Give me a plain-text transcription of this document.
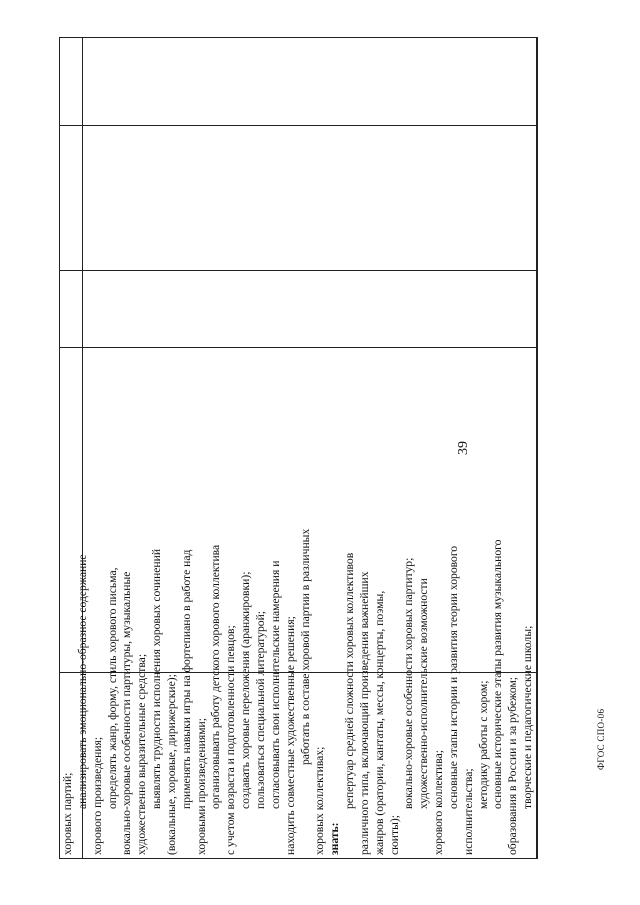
39
ФГОС СПО-06
хоровых партий;
анализировать эмоционально-образное содержание хорового произведения; определять жанр, форму, стиль хорового письма, вокально-хоровые особенности партитуры, музыкальные художественно выразительные средства; выявлять трудности исполнения хоровых сочинений (вокальные, хоровые, дирижерские); применять навыки игры на фортепиано в работе над хоровыми произведениями; организовывать работу детского хорового коллектива с учетом возраста и подготовленности певцов; создавать хоровые переложения (аранжировки); пользоваться специальной литературой; согласовывать свои исполнительские намерения и находить совместные художественные решения; работать в составе хоровой партии в различных
хоровых коллективах; знать:
репертуар средней сложности хоровых коллективов различного типа, включающий произведения важнейших жанров (оратории, кантаты, мессы, концерты, поэмы, сюиты);
вокально-хоровые особенности хоровых партитур; художественно-исполнительские возможности хорового коллектива; основные этапы истории и развития теории хорового
исполнительства;
методику работы с хором; основные исторические этапы развития музыкального образования в России и за рубежом; творческие и педагогические школы;
